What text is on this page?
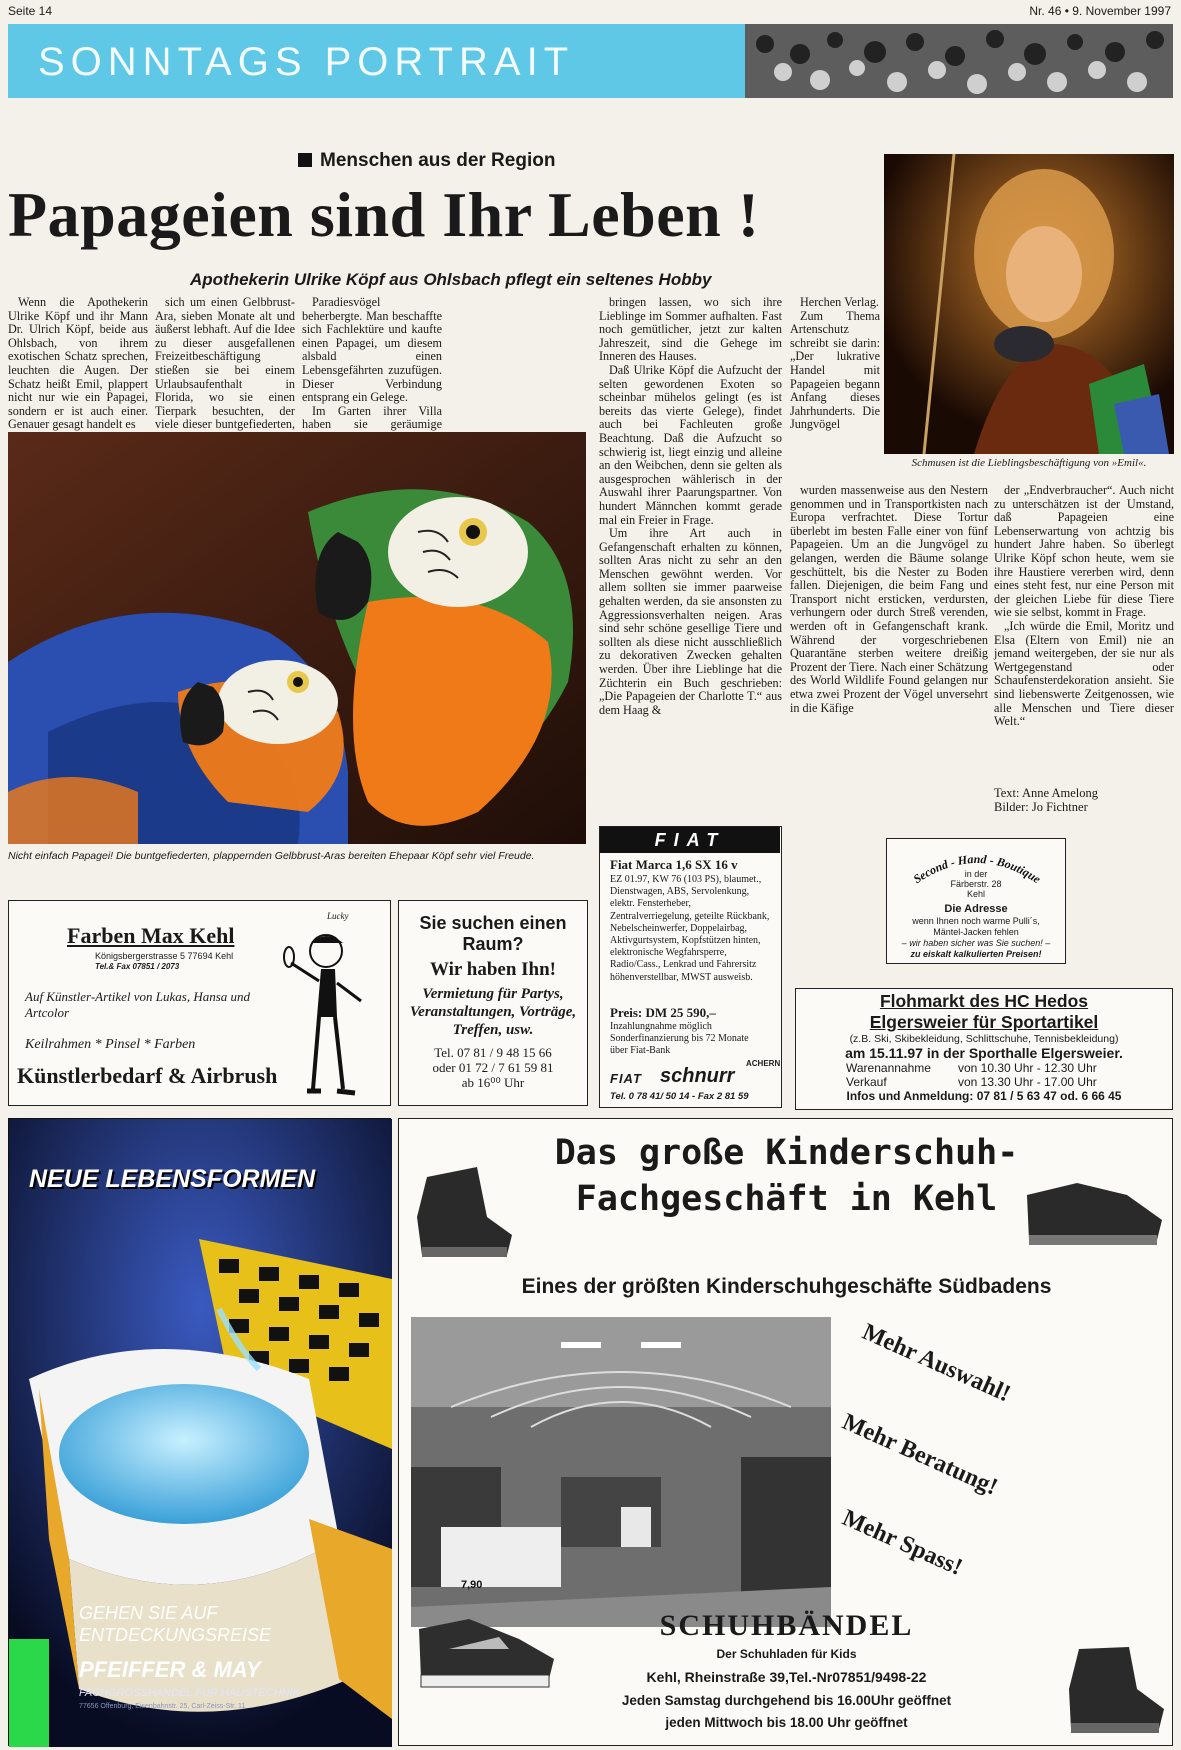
Seite 14	Nr. 46 • 9. November 1997
SONNTAGS PORTRAIT
Menschen aus der Region
Papageien sind Ihr Leben !
Apothekerin Ulrike Köpf aus Ohlsbach pflegt ein seltenes Hobby
Schmusen ist die Lieblingsbeschäftigung von »Emil«.

Wenn die Apothekerin Ulrike Köpf und ihr Mann Dr. Ulrich Köpf, beide aus Ohlsbach, von ihrem exotischen Schatz sprechen, leuchten die Augen. Der Schatz heißt Emil, plappert nicht nur wie ein Papagei, sondern er ist auch einer. Genauer gesagt handelt es

sich um einen Gelbbrust-Ara, sieben Monate alt und äußerst lebhaft. Auf die Idee zu dieser ausgefallenen Freizeitbeschäftigung stießen sie bei einem Urlaubsaufenthalt in Florida, wo sie einen Tierpark besuchten, der viele dieser buntgefiederten,

Paradiesvögel beherbergte. Man beschaffte sich Fachlektüre und kaufte einen Papagei, um diesem alsbald einen Lebensgefährten zuzufügen. Dieser Verbindung entsprang ein Gelege.

Im Garten ihrer Villa haben sie geräumige

bringen lassen, wo sich ihre Lieblinge im Sommer aufhalten. Fast noch gemütlicher, jetzt zur kalten Jahreszeit, sind die Gehege im Inneren des Hauses.

Daß Ulrike Köpf die Aufzucht der selten gewordenen Exoten so scheinbar mühelos gelingt (es ist bereits das vierte Gelege), findet auch bei Fachleuten große Beachtung. Daß die Aufzucht so schwierig ist, liegt einzig und alleine an den Weibchen, denn sie gelten als ausgesprochen wählerisch in der Auswahl ihrer Paarungspartner. Von hundert Männchen kommt gerade mal ein Freier in Frage.

Um ihre Art auch in Gefangenschaft erhalten zu können, sollten Aras nicht zu sehr an den Menschen gewöhnt werden. Vor allem sollten sie immer paarweise gehalten werden, da sie ansonsten zu Aggressionsverhalten neigen. Aras sind sehr schöne gesellige Tiere und sollten als diese nicht ausschließlich zu dekorativen Zwecken gehalten werden. Über ihre Lieblinge hat die Züchterin ein Buch geschrieben: „Die Papageien der Charlotte T.“ aus dem Haag &

Herchen Verlag.

Zum Thema Artenschutz schreibt sie darin: „Der lukrative Handel mit Papageien begann Anfang dieses Jahrhunderts. Die Jungvögel

wurden massenweise aus den Nestern genommen und in Transportkisten nach Europa verfrachtet. Diese Tortur überlebt im besten Falle einer von fünf Papageien. Um an die Jungvögel zu gelangen, werden die Bäume solange geschüttelt, bis die Nester zu Boden fallen. Diejenigen, die beim Fang und Transport nicht ersticken, verdursten, verhungern oder durch Streß verenden, werden oft in Gefangenschaft krank. Während der vorgeschriebenen Quarantäne sterben weitere dreißig Prozent der Tiere. Nach einer Schätzung des World Wildlife Found gelangen nur etwa zwei Prozent der Vögel unversehrt in die Käfige

der „Endverbraucher“. Auch nicht zu unterschätzen ist der Umstand, daß Papageien eine Lebenserwartung von achtzig bis hundert Jahre haben. So überlegt Ulrike Köpf schon heute, wem sie ihre Haustiere vererben wird, denn eines steht fest, nur eine Person mit der gleichen Liebe für diese Tiere wie sie selbst, kommt in Frage.

„Ich würde die Emil, Moritz und Elsa (Eltern von Emil) nie an jemand weitergeben, der sie nur als Wertgegenstand oder Schaufensterdekoration ansieht. Sie sind liebenswerte Zeitgenossen, wie alle Menschen und Tiere dieser Welt.“

Text: Anne Amelong
Bilder: Jo Fichtner
Nicht einfach Papagei! Die buntgefiederten, plappernden Gelbbrust-Aras bereiten Ehepaar Köpf sehr viel Freude.
Farben Max Kehl
Königsbergerstrasse 5 77694 Kehl
Tel.& Fax 07851 / 2073
Auf Künstler-Artikel von Lukas, Hansa und Artcolor
Keilrahmen * Pinsel * Farben
Künstlerbedarf & Airbrush
Lucky	Sie suchen einen
Raum?
Wir haben Ihn!
Vermietung für Partys, Veranstaltungen, Vorträge, Treffen, usw.
Tel. 07 81 / 9 48 15 66
oder 01 72 / 7 61 59 81
ab 16⁰⁰ Uhr
FIAT
Fiat Marca 1,6 SX 16 v
EZ 01.97, KW 76 (103 PS), blaumet., Dienstwagen, ABS, Servolenkung, elektr. Fensterheber, Zentralverriegelung, geteilte Rückbank, Nebelscheinwerfer, Doppelairbag, Aktivgurtsystem, Kopfstützen hinten, elektronische Wegfahrsperre, Radio/Cass., Lenkrad und Fahrersitz höhenverstellbar, MWST ausweisb.
Preis: DM 25 590,–
Inzahlungnahme möglich Sonderfinanzierung bis 72 Monate über Fiat-Bank
FIAT schnurr
ACHERN
Tel. 0 78 41/ 50 14 - Fax 2 81 59
Second - Hand - Boutique
in der
Färberstr. 28
Kehl
Die Adresse
wenn Ihnen noch warme Pulli´s,
Mäntel-Jacken fehlen
– wir haben sicher was Sie suchen! –
zu eiskalt kalkulierten Preisen!
Flohmarkt des HC Hedos
Elgersweier für Sportartikel
(z.B. Ski, Skibekleidung, Schlittschuhe, Tennisbekleidung)
am 15.11.97 in der Sporthalle Elgersweier.
Warenannahme von 10.30 Uhr - 12.30 Uhr
Verkauf	von 13.30 Uhr - 17.00 Uhr
Infos und Anmeldung: 07 81 / 5 63 47 od. 6 66 45
NEUE LEBENSFORMEN
GEHEN SIE AUF
ENTDECKUNGSREISE
PFEIFFER & MAY
FACHGROSSHANDEL FÜR HAUSTECHNIK
77656 Offenburg, Eisenbahnstr. 25, Carl-Zeiss-Str. 11
Das große Kinderschuh-
Fachgeschäft in Kehl
Eines der größten Kinderschuhgeschäfte Südbadens
7,90
Mehr Auswahl!
Mehr Beratung!
Mehr Spass!
SCHUHBÄNDEL
Der Schuhladen für Kids
Kehl, Rheinstraße 39,Tel.-Nr07851/9498-22
Jeden Samstag durchgehend bis 16.00Uhr geöffnet
jeden Mittwoch bis 18.00 Uhr geöffnet
